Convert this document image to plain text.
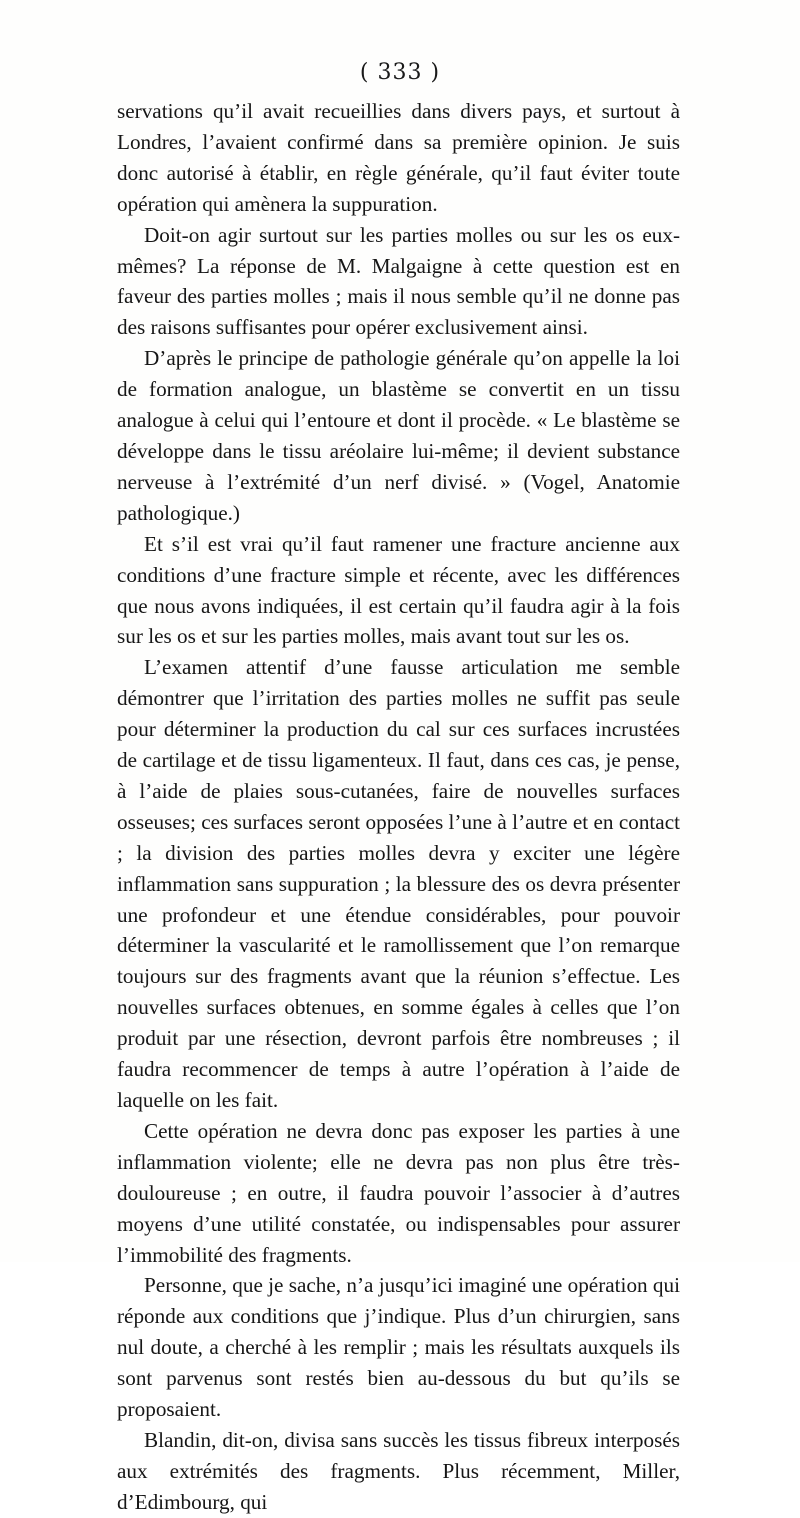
( 333 )

servations qu’il avait recueillies dans divers pays, et surtout à Londres, l’avaient confirmé dans sa première opinion. Je suis donc autorisé à établir, en règle générale, qu’il faut éviter toute opération qui amènera la suppuration.

Doit-on agir surtout sur les parties molles ou sur les os eux-mêmes? La réponse de M. Malgaigne à cette question est en faveur des parties molles ; mais il nous semble qu’il ne donne pas des raisons suffisantes pour opérer exclusivement ainsi.

D’après le principe de pathologie générale qu’on appelle la loi de formation analogue, un blastème se convertit en un tissu analogue à celui qui l’entoure et dont il procède. « Le blastème se développe dans le tissu aréolaire lui-même; il devient substance nerveuse à l’extrémité d’un nerf divisé. » (Vogel, Anatomie pathologique.)

Et s’il est vrai qu’il faut ramener une fracture ancienne aux conditions d’une fracture simple et récente, avec les différences que nous avons indiquées, il est certain qu’il faudra agir à la fois sur les os et sur les parties molles, mais avant tout sur les os.

L’examen attentif d’une fausse articulation me semble démontrer que l’irritation des parties molles ne suffit pas seule pour déterminer la production du cal sur ces surfaces incrustées de cartilage et de tissu ligamenteux. Il faut, dans ces cas, je pense, à l’aide de plaies sous-cutanées, faire de nouvelles surfaces osseuses; ces surfaces seront opposées l’une à l’autre et en contact ; la division des parties molles devra y exciter une légère inflammation sans suppuration ; la blessure des os devra présenter une profondeur et une étendue considérables, pour pouvoir déterminer la vascularité et le ramollissement que l’on remarque toujours sur des fragments avant que la réunion s’effectue. Les nouvelles surfaces obtenues, en somme égales à celles que l’on produit par une résection, devront parfois être nombreuses ; il faudra recommencer de temps à autre l’opération à l’aide de laquelle on les fait.

Cette opération ne devra donc pas exposer les parties à une inflammation violente; elle ne devra pas non plus être très-douloureuse ; en outre, il faudra pouvoir l’associer à d’autres moyens d’une utilité constatée, ou indispensables pour assurer l’immobilité des fragments.

Personne, que je sache, n’a jusqu’ici imaginé une opération qui réponde aux conditions que j’indique. Plus d’un chirurgien, sans nul doute, a cherché à les remplir ; mais les résultats auxquels ils sont parvenus sont restés bien au-dessous du but qu’ils se proposaient.

Blandin, dit-on, divisa sans succès les tissus fibreux interposés aux extrémités des fragments. Plus récemment, Miller, d’Edimbourg, qui
